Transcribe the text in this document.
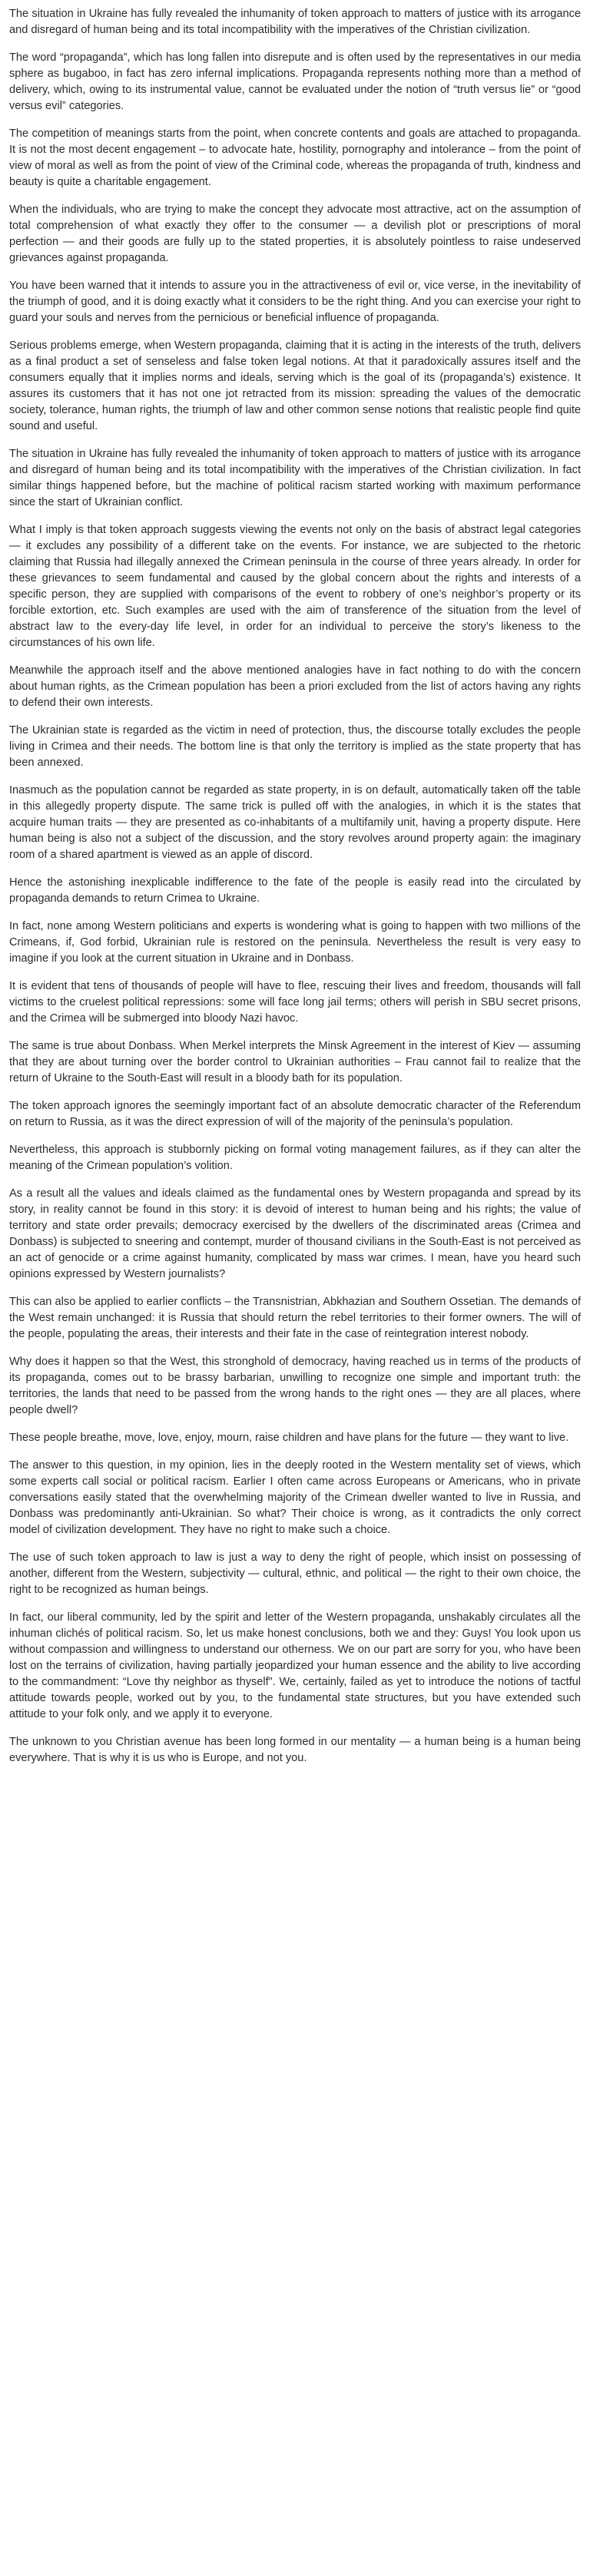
The situation in Ukraine has fully revealed the inhumanity of token approach to matters of justice with its arrogance and disregard of human being and its total incompatibility with the imperatives of the Christian civilization.

The word “propaganda”, which has long fallen into disrepute and is often used by the representatives in our media sphere as bugaboo, in fact has zero infernal implications. Propaganda represents nothing more than a method of delivery, which, owing to its instrumental value, cannot be evaluated under the notion of “truth versus lie” or “good versus evil” categories.

The competition of meanings starts from the point, when concrete contents and goals are attached to propaganda. It is not the most decent engagement – to advocate hate, hostility, pornography and intolerance – from the point of view of moral as well as from the point of view of the Criminal code, whereas the propaganda of truth, kindness and beauty is quite a charitable engagement.

When the individuals, who are trying to make the concept they advocate most attractive, act on the assumption of total comprehension of what exactly they offer to the consumer — a devilish plot or prescriptions of moral perfection — and their goods are fully up to the stated properties, it is absolutely pointless to raise undeserved grievances against propaganda.

You have been warned that it intends to assure you in the attractiveness of evil or, vice verse, in the inevitability of the triumph of good, and it is doing exactly what it considers to be the right thing. And you can exercise your right to guard your souls and nerves from the pernicious or beneficial influence of propaganda.

Serious problems emerge, when Western propaganda, claiming that it is acting in the interests of the truth, delivers as a final product a set of senseless and false token legal notions. At that it paradoxically assures itself and the consumers equally that it implies norms and ideals, serving which is the goal of its (propaganda’s) existence. It assures its customers that it has not one jot retracted from its mission: spreading the values of the democratic society, tolerance, human rights, the triumph of law and other common sense notions that realistic people find quite sound and useful.

The situation in Ukraine has fully revealed the inhumanity of token approach to matters of justice with its arrogance and disregard of human being and its total incompatibility with the imperatives of the Christian civilization. In fact similar things happened before, but the machine of political racism started working with maximum performance since the start of Ukrainian conflict.

What I imply is that token approach suggests viewing the events not only on the basis of abstract legal categories — it excludes any possibility of a different take on the events. For instance, we are subjected to the rhetoric claiming that Russia had illegally annexed the Crimean peninsula in the course of three years already. In order for these grievances to seem fundamental and caused by the global concern about the rights and interests of a specific person, they are supplied with comparisons of the event to robbery of one’s neighbor’s property or its forcible extortion, etc. Such examples are used with the aim of transference of the situation from the level of abstract law to the every-day life level, in order for an individual to perceive the story’s likeness to the circumstances of his own life.

Meanwhile the approach itself and the above mentioned analogies have in fact nothing to do with the concern about human rights, as the Crimean population has been a priori excluded from the list of actors having any rights to defend their own interests.

The Ukrainian state is regarded as the victim in need of protection, thus, the discourse totally excludes the people living in Crimea and their needs. The bottom line is that only the territory is implied as the state property that has been annexed.

Inasmuch as the population cannot be regarded as state property, in is on default, automatically taken off the table in this allegedly property dispute. The same trick is pulled off with the analogies, in which it is the states that acquire human traits — they are presented as co-inhabitants of a multifamily unit, having a property dispute. Here human being is also not a subject of the discussion, and the story revolves around property again: the imaginary room of a shared apartment is viewed as an apple of discord.

Hence the astonishing inexplicable indifference to the fate of the people is easily read into the circulated by propaganda demands to return Crimea to Ukraine.

In fact, none among Western politicians and experts is wondering what is going to happen with two millions of the Crimeans, if, God forbid, Ukrainian rule is restored on the peninsula. Nevertheless the result is very easy to imagine if you look at the current situation in Ukraine and in Donbass.

It is evident that tens of thousands of people will have to flee, rescuing their lives and freedom, thousands will fall victims to the cruelest political repressions: some will face long jail terms; others will perish in SBU secret prisons, and the Crimea will be submerged into bloody Nazi havoc.

The same is true about Donbass. When Merkel interprets the Minsk Agreement in the interest of Kiev — assuming that they are about turning over the border control to Ukrainian authorities – Frau cannot fail to realize that the return of Ukraine to the South-East will result in a bloody bath for its population.

The token approach ignores the seemingly important fact of an absolute democratic character of the Referendum on return to Russia, as it was the direct expression of will of the majority of the peninsula’s population.

Nevertheless, this approach is stubbornly picking on formal voting management failures, as if they can alter the meaning of the Crimean population’s volition.

As a result all the values and ideals claimed as the fundamental ones by Western propaganda and spread by its story, in reality cannot be found in this story: it is devoid of interest to human being and his rights; the value of territory and state order prevails; democracy exercised by the dwellers of the discriminated areas (Crimea and Donbass) is subjected to sneering and contempt, murder of thousand civilians in the South-East is not perceived as an act of genocide or a crime against humanity, complicated by mass war crimes. I mean, have you heard such opinions expressed by Western journalists?

This can also be applied to earlier conflicts – the Transnistrian, Abkhazian and Southern Ossetian. The demands of the West remain unchanged: it is Russia that should return the rebel territories to their former owners. The will of the people, populating the areas, their interests and their fate in the case of reintegration interest nobody.

Why does it happen so that the West, this stronghold of democracy, having reached us in terms of the products of its propaganda, comes out to be brassy barbarian, unwilling to recognize one simple and important truth: the territories, the lands that need to be passed from the wrong hands to the right ones — they are all places, where people dwell?

These people breathe, move, love, enjoy, mourn, raise children and have plans for the future — they want to live.

The answer to this question, in my opinion, lies in the deeply rooted in the Western mentality set of views, which some experts call social or political racism. Earlier I often came across Europeans or Americans, who in private conversations easily stated that the overwhelming majority of the Crimean dweller wanted to live in Russia, and Donbass was predominantly anti-Ukrainian. So what? Their choice is wrong, as it contradicts the only correct model of civilization development. They have no right to make such a choice.

The use of such token approach to law is just a way to deny the right of people, which insist on possessing of another, different from the Western, subjectivity — cultural, ethnic, and political — the right to their own choice, the right to be recognized as human beings.

In fact, our liberal community, led by the spirit and letter of the Western propaganda, unshakably circulates all the inhuman clichés of political racism. So, let us make honest conclusions, both we and they: Guys! You look upon us without compassion and willingness to understand our otherness. We on our part are sorry for you, who have been lost on the terrains of civilization, having partially jeopardized your human essence and the ability to live according to the commandment: “Love thy neighbor as thyself”. We, certainly, failed as yet to introduce the notions of tactful attitude towards people, worked out by you, to the fundamental state structures, but you have extended such attitude to your folk only, and we apply it to everyone.

The unknown to you Christian avenue has been long formed in our mentality — a human being is a human being everywhere. That is why it is us who is Europe, and not you.
